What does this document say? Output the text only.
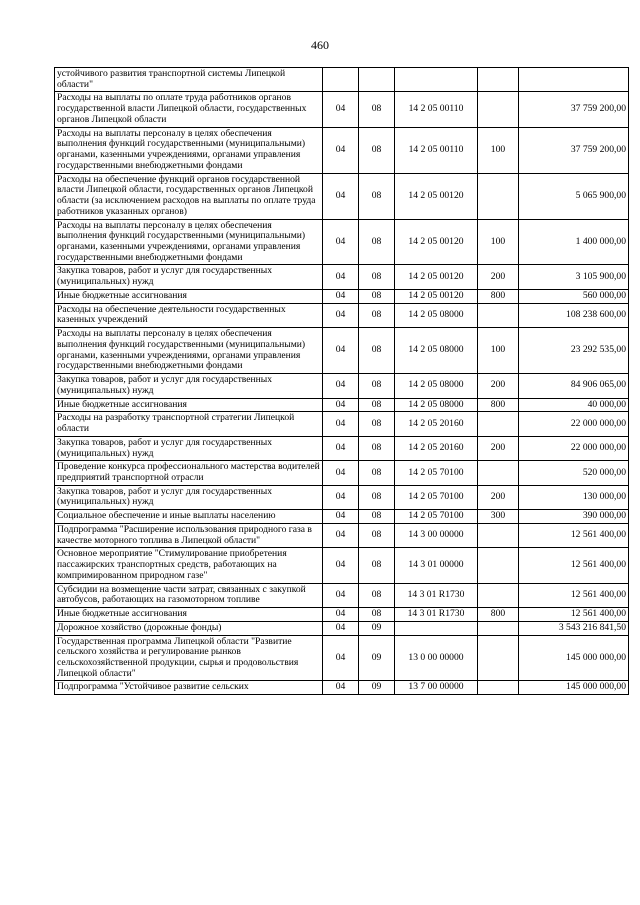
460
устойчивого развития транспортной системы Липецкой области"					
Расходы на выплаты по оплате труда работников органов государственной власти Липецкой области, государственных органов Липецкой области	04	08	14 2 05 00110		37 759 200,00
Расходы на выплаты персоналу в целях обеспечения выполнения функций государственными (муниципальными) органами, казенными учреждениями, органами управления государственными внебюджетными фондами	04	08	14 2 05 00110	100	37 759 200,00
Расходы на обеспечение функций органов государственной власти Липецкой области, государственных органов Липецкой области (за исключением расходов на выплаты по оплате труда работников указанных органов)	04	08	14 2 05 00120		5 065 900,00
Расходы на выплаты персоналу в целях обеспечения выполнения функций государственными (муниципальными) органами, казенными учреждениями, органами управления государственными внебюджетными фондами	04	08	14 2 05 00120	100	1 400 000,00
Закупка товаров, работ и услуг для государственных (муниципальных) нужд	04	08	14 2 05 00120	200	3 105 900,00
Иные бюджетные ассигнования	04	08	14 2 05 00120	800	560 000,00
Расходы на обеспечение деятельности государственных казенных учреждений	04	08	14 2 05 08000		108 238 600,00
Расходы на выплаты персоналу в целях обеспечения выполнения функций государственными (муниципальными) органами, казенными учреждениями, органами управления государственными внебюджетными фондами	04	08	14 2 05 08000	100	23 292 535,00
Закупка товаров, работ и услуг для государственных (муниципальных) нужд	04	08	14 2 05 08000	200	84 906 065,00
Иные бюджетные ассигнования	04	08	14 2 05 08000	800	40 000,00
Расходы на разработку транспортной стратегии Липецкой области	04	08	14 2 05 20160		22 000 000,00
Закупка товаров, работ и услуг для государственных (муниципальных) нужд	04	08	14 2 05 20160	200	22 000 000,00
Проведение конкурса профессионального мастерства водителей предприятий транспортной отрасли	04	08	14 2 05 70100		520 000,00
Закупка товаров, работ и услуг для государственных (муниципальных) нужд	04	08	14 2 05 70100	200	130 000,00
Социальное обеспечение и иные выплаты населению	04	08	14 2 05 70100	300	390 000,00
Подпрограмма "Расширение использования природного газа в качестве моторного топлива в Липецкой области"	04	08	14 3 00 00000		12 561 400,00
Основное мероприятие "Стимулирование приобретения пассажирских транспортных средств, работающих на компримированном природном газе"	04	08	14 3 01 00000		12 561 400,00
Субсидии на возмещение части затрат, связанных с закупкой автобусов, работающих на газомоторном топливе	04	08	14 3 01 R1730		12 561 400,00
Иные бюджетные ассигнования	04	08	14 3 01 R1730	800	12 561 400,00
Дорожное хозяйство (дорожные фонды)	04	09			3 543 216 841,50
Государственная программа Липецкой области "Развитие сельского хозяйства и регулирование рынков сельскохозяйственной продукции, сырья и продовольствия Липецкой области"	04	09	13 0 00 00000		145 000 000,00
Подпрограмма "Устойчивое развитие сельских	04	09	13 7 00 00000		145 000 000,00
